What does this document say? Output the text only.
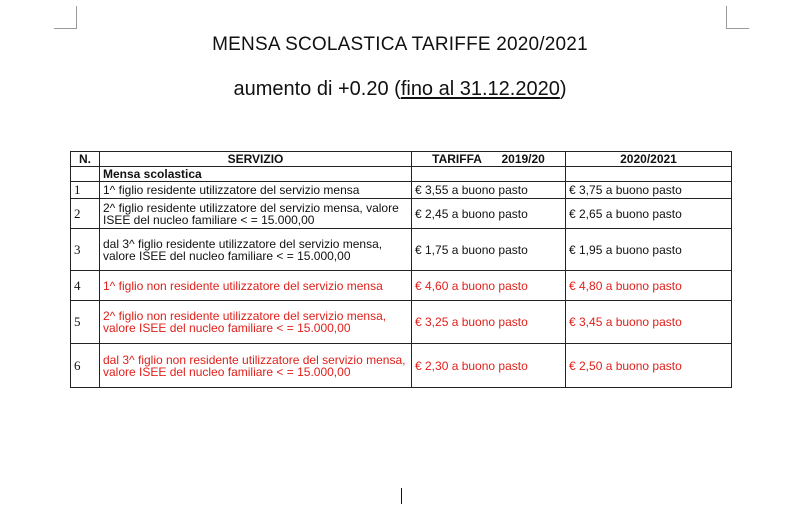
MENSA SCOLASTICA TARIFFE 2020/2021
aumento di +0.20 (fino al 31.12.2020)
N.	SERVIZIO	TARIFFA      2019/20	2020/2021
	Mensa scolastica		
1	1^ figlio residente utilizzatore del servizio mensa	€ 3,55 a buono pasto	€ 3,75 a buono pasto
2	2^ figlio residente utilizzatore del servizio mensa, valore ISEE del nucleo familiare < = 15.000,00	€ 2,45 a buono pasto	€ 2,65 a buono pasto
3	dal 3^ figlio residente utilizzatore del servizio mensa, valore ISEE del nucleo familiare < = 15.000,00	€ 1,75 a buono pasto	€ 1,95 a buono pasto
4	1^ figlio non residente utilizzatore del servizio mensa	€ 4,60 a buono pasto	€ 4,80 a buono pasto
5	2^ figlio non residente utilizzatore del servizio mensa, valore ISEE del nucleo familiare < = 15.000,00	€ 3,25 a buono pasto	€ 3,45 a buono pasto
6	dal 3^ figlio non residente utilizzatore del servizio mensa, valore ISEE del nucleo familiare < = 15.000,00	€ 2,30 a buono pasto	€ 2,50 a buono pasto
